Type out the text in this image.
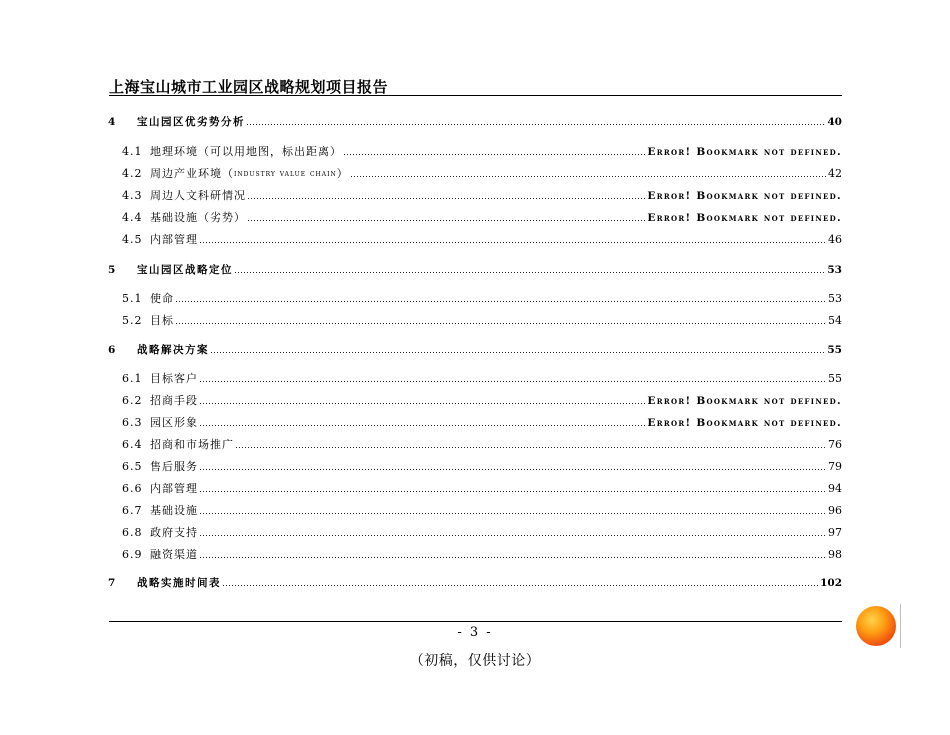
上海宝山城市工业园区战略规划项目报告
4	宝山园区优劣势分析	40
4.1 地理环境（可以用地图，标出距离）	Error! Bookmark not defined.
4.2 周边产业环境（ industry value chain ）	42
4.3 周边人文科研情况	Error! Bookmark not defined.
4.4 基础设施（劣势）	Error! Bookmark not defined.
4.5 内部管理	46
5	宝山园区战略定位	53
5.1 使命	53
5.2 目标	54
6	战略解决方案	55
6.1 目标客户	55
6.2 招商手段	Error! Bookmark not defined.
6.3 园区形象	Error! Bookmark not defined.
6.4 招商和市场推广	76
6.5 售后服务	79
6.6 内部管理	94
6.7 基础设施	96
6.8 政府支持	97
6.9 融资渠道	98
7	战略实施时间表	102
- 3 -
（初稿，仅供讨论）
